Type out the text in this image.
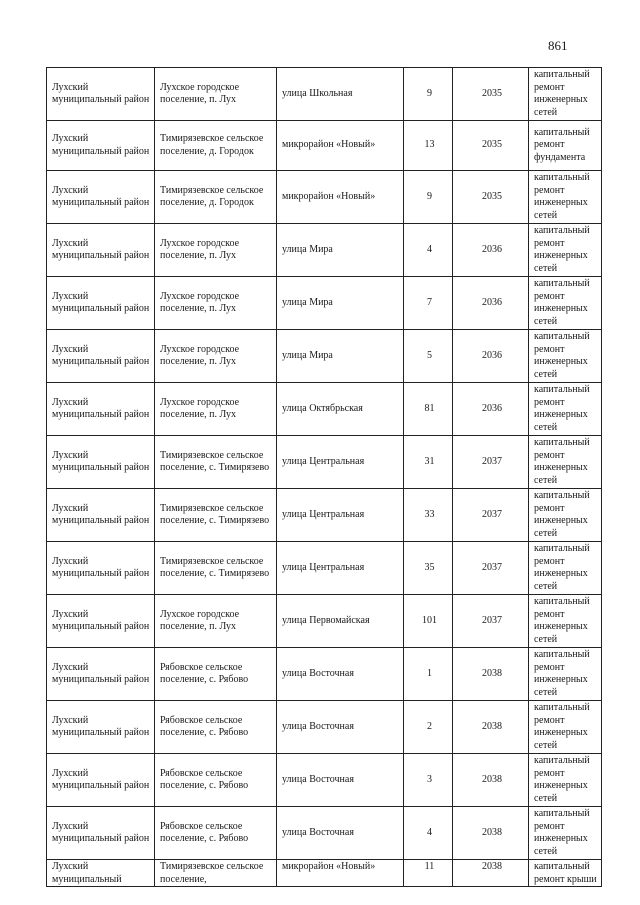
861
Лухский муниципальный район	Лухское городское поселение, п. Лух	улица Школьная	9	2035	капитальный ремонт инженерных сетей

Лухский муниципальный район	Тимирязевское сельское поселение, д. Городок	микрорайон «Новый»	13	2035	капитальный ремонт фундамента

Лухский муниципальный район	Тимирязевское сельское поселение, д. Городок	микрорайон «Новый»	9	2035	капитальный ремонт инженерных сетей

Лухский муниципальный район	Лухское городское поселение, п. Лух	улица Мира	4	2036	капитальный ремонт инженерных сетей

Лухский муниципальный район	Лухское городское поселение, п. Лух	улица Мира	7	2036	капитальный ремонт инженерных сетей

Лухский муниципальный район	Лухское городское поселение, п. Лух	улица Мира	5	2036	капитальный ремонт инженерных сетей

Лухский муниципальный район	Лухское городское поселение, п. Лух	улица Октябрьская	81	2036	капитальный ремонт инженерных сетей

Лухский муниципальный район	Тимирязевское сельское поселение, с. Тимирязево	улица Центральная	31	2037	капитальный ремонт инженерных сетей

Лухский муниципальный район	Тимирязевское сельское поселение, с. Тимирязево	улица Центральная	33	2037	капитальный ремонт инженерных сетей

Лухский муниципальный район	Тимирязевское сельское поселение, с. Тимирязево	улица Центральная	35	2037	капитальный ремонт инженерных сетей

Лухский муниципальный район	Лухское городское поселение, п. Лух	улица Первомайская	101	2037	капитальный ремонт инженерных сетей

Лухский муниципальный район	Рябовское сельское поселение, с. Рябово	улица Восточная	1	2038	капитальный ремонт инженерных сетей

Лухский муниципальный район	Рябовское сельское поселение, с. Рябово	улица Восточная	2	2038	капитальный ремонт инженерных сетей

Лухский муниципальный район	Рябовское сельское поселение, с. Рябово	улица Восточная	3	2038	капитальный ремонт инженерных сетей

Лухский муниципальный район	Рябовское сельское поселение, с. Рябово	улица Восточная	4	2038	капитальный ремонт инженерных сетей

Лухский муниципальный	Тимирязевское сельское поселение,	микрорайон «Новый»	11	2038	капитальный ремонт крыши
